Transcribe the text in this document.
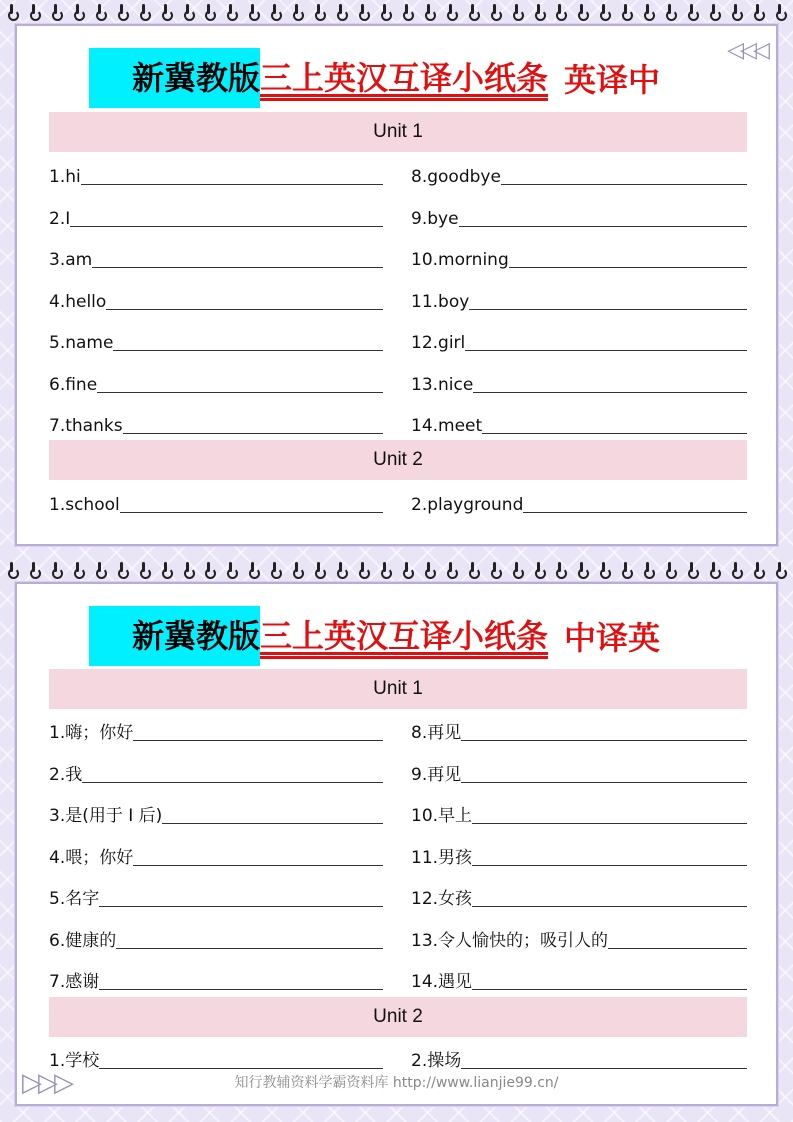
新冀教版 三上英汉互译小纸条 英译中
◁◁◁
Unit 1
Unit 2
1.hi	8.goodbye
2.I	9.bye
3.am	10.morning
4.hello	11.boy
5.name	12.girl
6.fine	13.nice
7.thanks	14.meet
1.school	2.playground
新冀教版 三上英汉互译小纸条 中译英
Unit 1
Unit 2
1.嗨；你好	8.再见
2.我	9.再见
3.是(用于 I 后)	10.早上
4.喂；你好	11.男孩
5.名字	12.女孩
6.健康的	13.令人愉快的；吸引人的
7.感谢	14.遇见
1.学校	2.操场
▷▷▷	知行教辅资料学霸资料库 http://www.lianjie99.cn/
